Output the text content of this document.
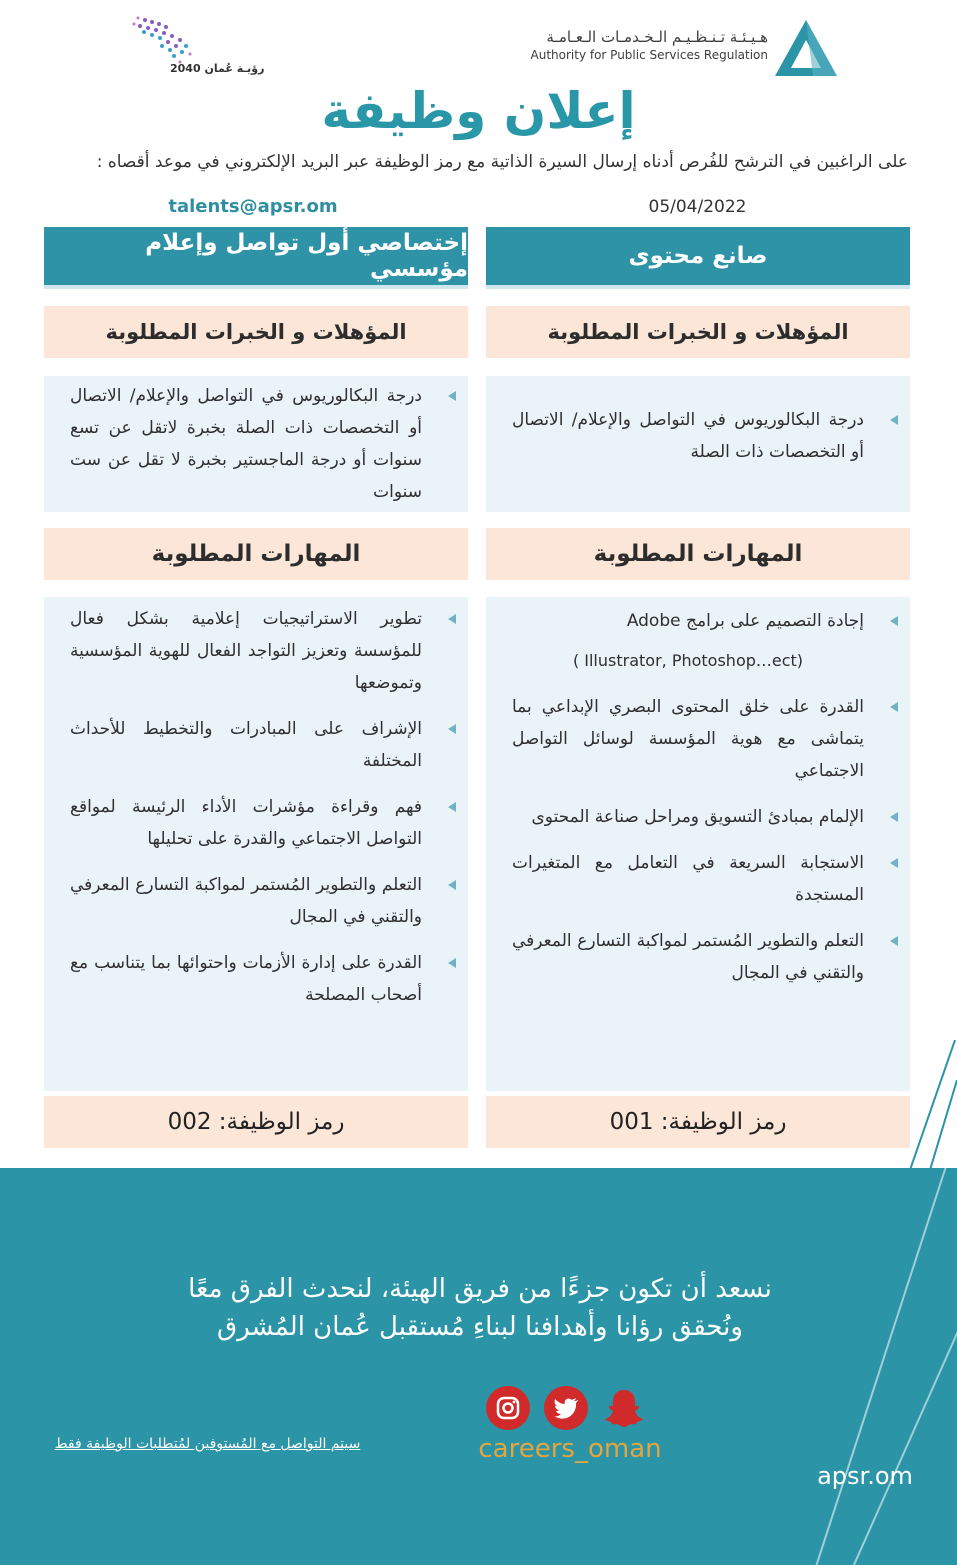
رؤيـة عُمان 2040
هـيـئـة تـنـظـيـم الـخـدمـات الـعـامـة
Authority for Public Services Regulation
إعلان وظيفة
على الراغبين في الترشح للفُرص أدناه إرسال السيرة الذاتية مع رمز الوظيفة عبر البريد الإلكتروني في موعد أقصاه :
talents@apsr.om	05/04/2022
صانع محتوى
المؤهلات و الخبرات المطلوبة
درجة البكالوريوس في التواصل والإعلام/ الاتصال أو التخصصات ذات الصلة
المهارات المطلوبة
إجادة التصميم على برامج Adobe
( Illustrator, Photoshop…ect)
القدرة على خلق المحتوى البصري الإبداعي بما يتماشى مع هوية المؤسسة لوسائل التواصل الاجتماعي
الإلمام بمبادئ التسويق ومراحل صناعة المحتوى
الاستجابة السريعة في التعامل مع المتغيرات المستجدة
التعلم والتطوير المُستمر لمواكبة التسارع المعرفي والتقني في المجال
رمز الوظيفة: 001
إختصاصي أول تواصل وإعلام مؤسسي
المؤهلات و الخبرات المطلوبة
درجة البكالوريوس في التواصل والإعلام/ الاتصال أو التخصصات ذات الصلة بخبرة لاتقل عن تسع سنوات أو درجة الماجستير بخبرة لا تقل عن ست سنوات
المهارات المطلوبة
تطوير الاستراتيجيات إعلامية بشكل فعال للمؤسسة وتعزيز التواجد الفعال للهوية المؤسسية وتموضعها
الإشراف على المبادرات والتخطيط للأحداث المختلفة
فهم وقراءة مؤشرات الأداء الرئيسة لمواقع التواصل الاجتماعي والقدرة على تحليلها
التعلم والتطوير المُستمر لمواكبة التسارع المعرفي والتقني في المجال
القدرة على إدارة الأزمات واحتوائها بما يتناسب مع أصحاب المصلحة
رمز الوظيفة: 002
نسعد أن تكون جزءًا من فريق الهيئة، لنحدث الفرق معًا
ونُحقق رؤانا وأهدافنا لبناءِ مُستقبل عُمان المُشرق
سيتم التواصل مع المُستوفين لمُتطلبات الوظيفة فقط	careers_oman
apsr.om
